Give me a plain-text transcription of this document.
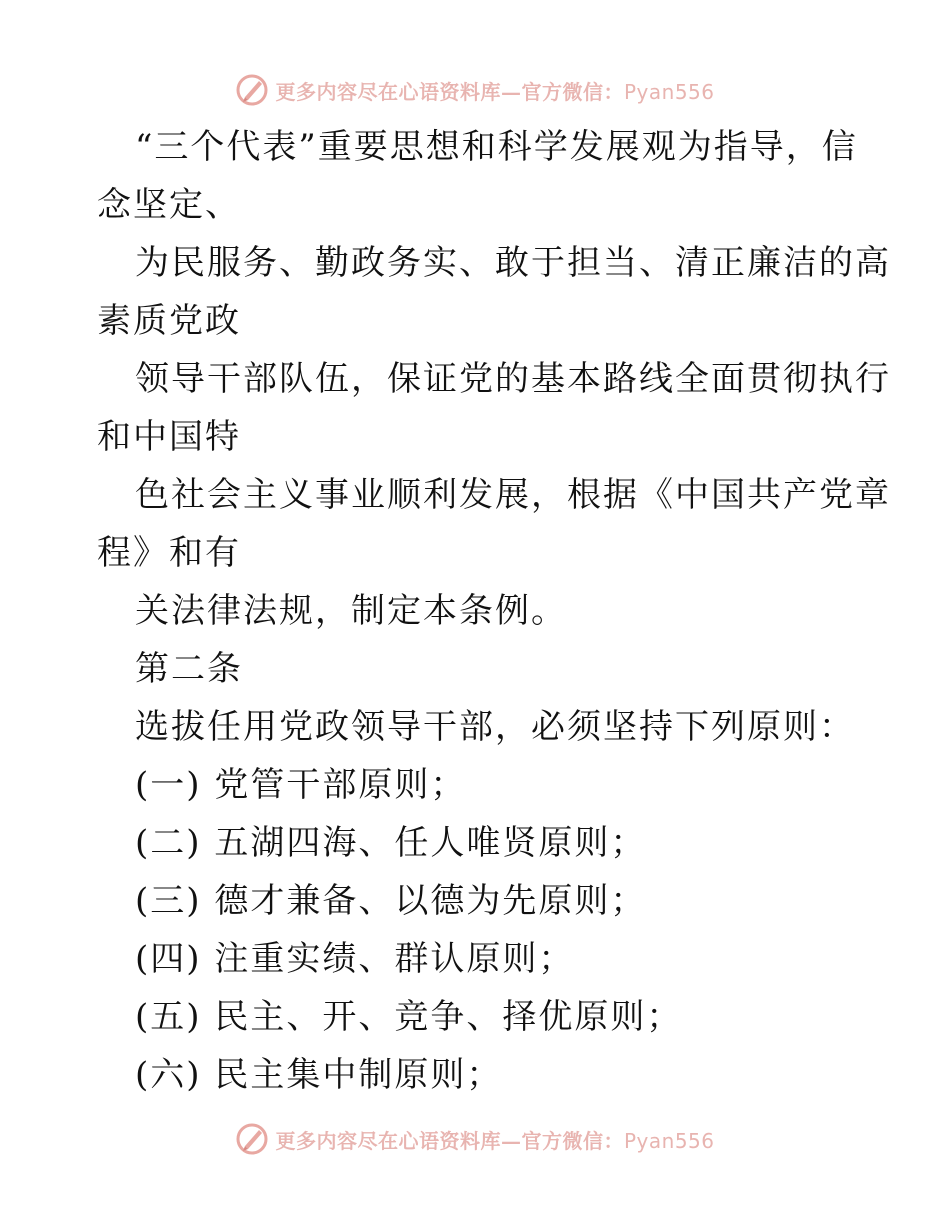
更多内容尽在心语资料库—官方微信：Pyan556
“三个代表”重要思想和科学发展观为指导，信
念坚定、
为民服务、勤政务实、敢于担当、清正廉洁的高
素质党政
领导干部队伍，保证党的基本路线全面贯彻执行
和中国特
色社会主义事业顺利发展，根据《中国共产党章
程》和有
关法律法规，制定本条例。
第二条
选拔任用党政领导干部，必须坚持下列原则：
(一) 党管干部原则；
(二) 五湖四海、任人唯贤原则；
(三) 德才兼备、以德为先原则；
(四) 注重实绩、群认原则；
(五) 民主、开、竞争、择优原则；
(六) 民主集中制原则；
更多内容尽在心语资料库—官方微信：Pyan556
